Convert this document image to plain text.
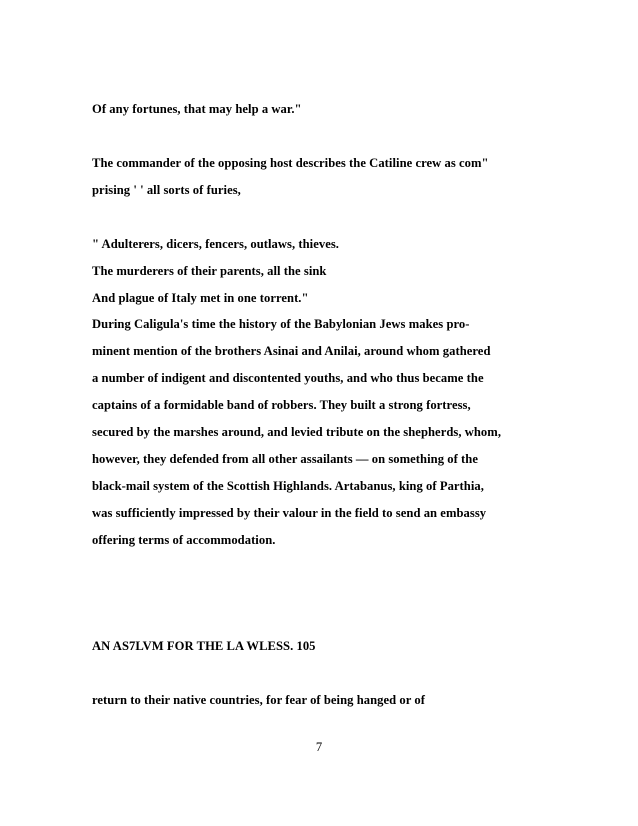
Of any fortunes, that may help a war."
The commander of the opposing host describes the Catiline crew as com"
prising ' ' all sorts of furies,
" Adulterers, dicers, fencers, outlaws, thieves.
The murderers of their parents, all the sink
And plague of Italy met in one torrent."
During Caligula's time the history of the Babylonian Jews makes pro-
minent mention of the brothers Asinai and Anilai, around whom gathered
a number of indigent and discontented youths, and who thus became the
captains of a formidable band of robbers. They built a strong fortress,
secured by the marshes around, and levied tribute on the shepherds, whom,
however, they defended from all other assailants — on something of the
black-mail system of the Scottish Highlands. Artabanus, king of Parthia,
was sufficiently impressed by their valour in the field to send an embassy
offering terms of accommodation.
AN AS7LVM FOR THE LA WLESS. 105
return to their native countries, for fear of being hanged or of
7
